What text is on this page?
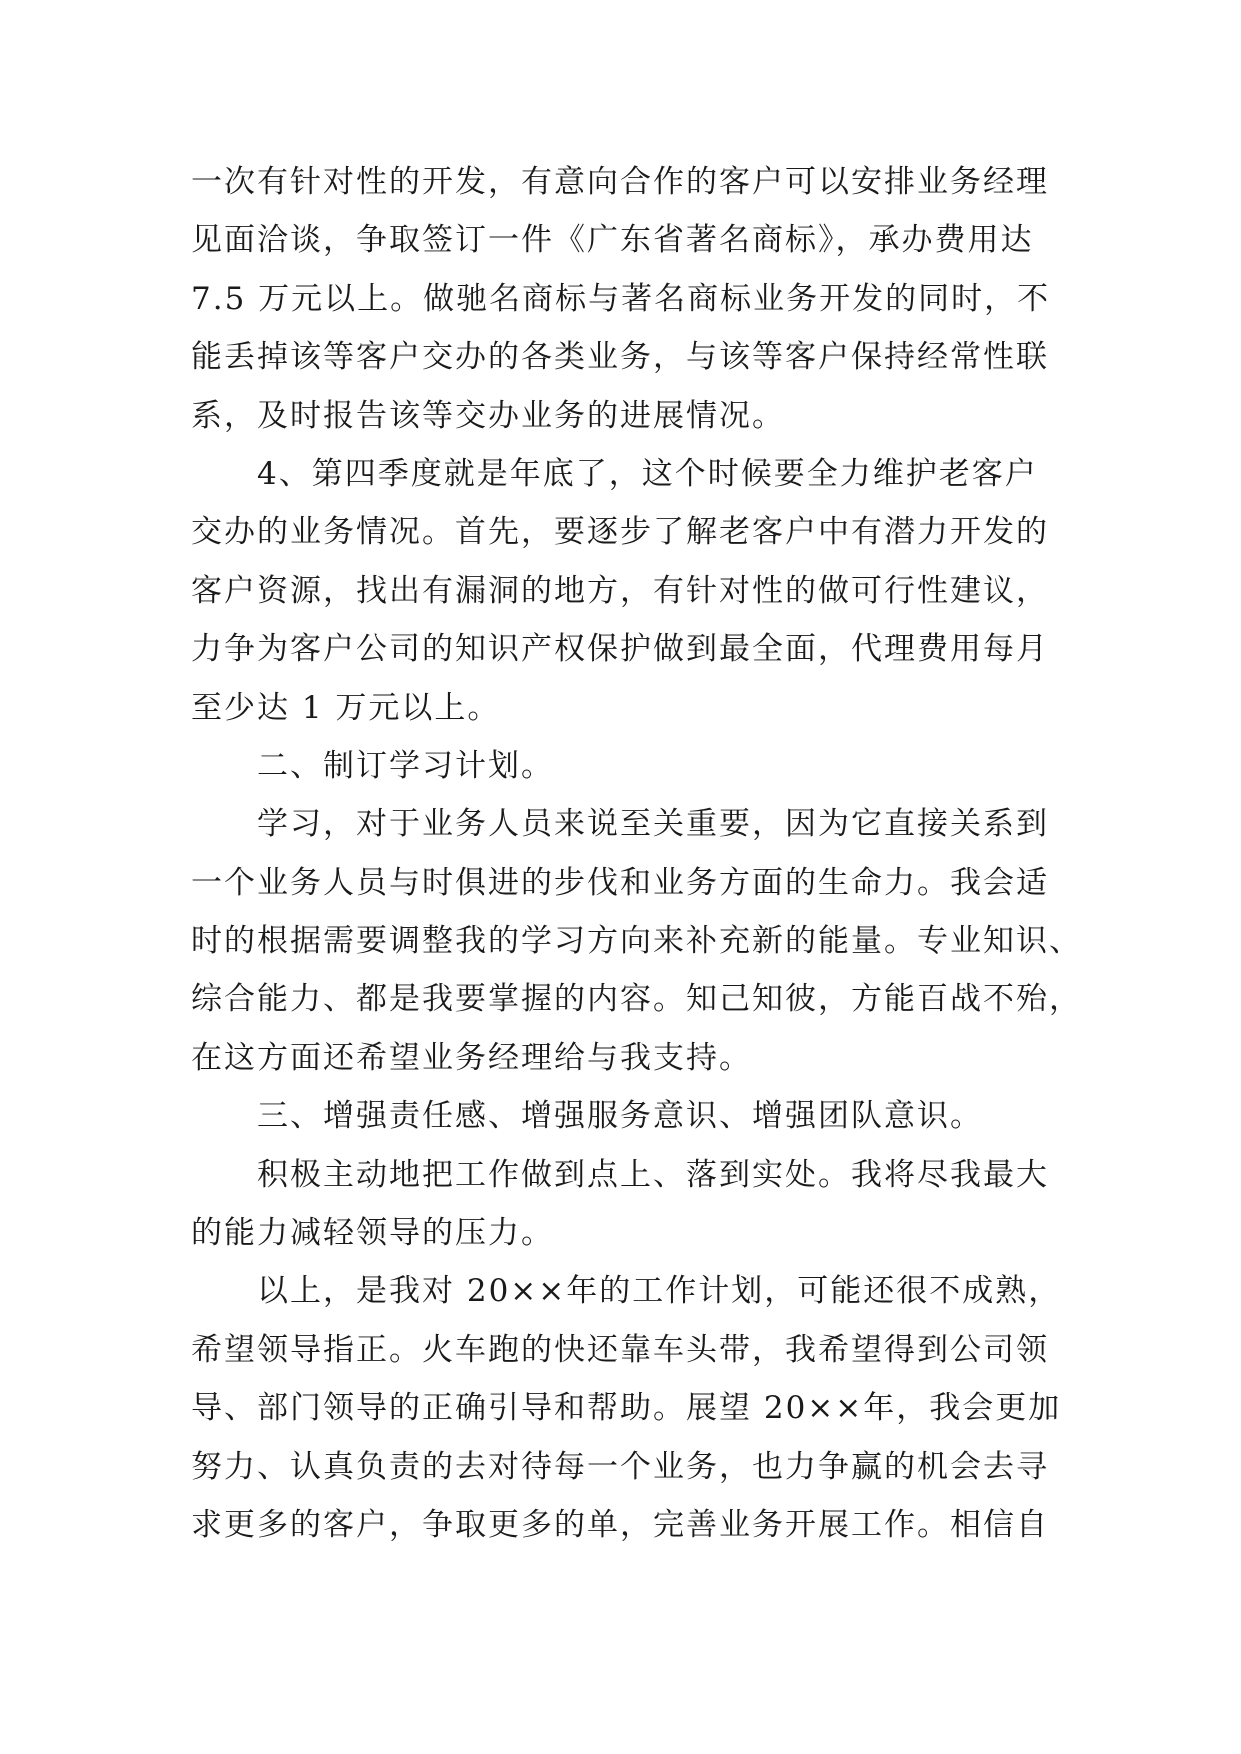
一次有针对性的开发，有意向合作的客户可以安排业务经理
见面洽谈，争取签订一件《广东省著名商标》，承办费用达
7.5 万元以上。做驰名商标与著名商标业务开发的同时，不
能丢掉该等客户交办的各类业务，与该等客户保持经常性联
系，及时报告该等交办业务的进展情况。
4、第四季度就是年底了，这个时候要全力维护老客户
交办的业务情况。首先，要逐步了解老客户中有潜力开发的
客户资源，找出有漏洞的地方，有针对性的做可行性建议，
力争为客户公司的知识产权保护做到最全面，代理费用每月
至少达 1 万元以上。
二、制订学习计划。
学习，对于业务人员来说至关重要，因为它直接关系到
一个业务人员与时俱进的步伐和业务方面的生命力。我会适
时的根据需要调整我的学习方向来补充新的能量。专业知识、
综合能力、都是我要掌握的内容。知己知彼，方能百战不殆，
在这方面还希望业务经理给与我支持。
三、增强责任感、增强服务意识、增强团队意识。
积极主动地把工作做到点上、落到实处。我将尽我最大
的能力减轻领导的压力。
以上，是我对 20××年的工作计划，可能还很不成熟，
希望领导指正。火车跑的快还靠车头带，我希望得到公司领
导、部门领导的正确引导和帮助。展望 20××年，我会更加
努力、认真负责的去对待每一个业务，也力争赢的机会去寻
求更多的客户，争取更多的单，完善业务开展工作。相信自
